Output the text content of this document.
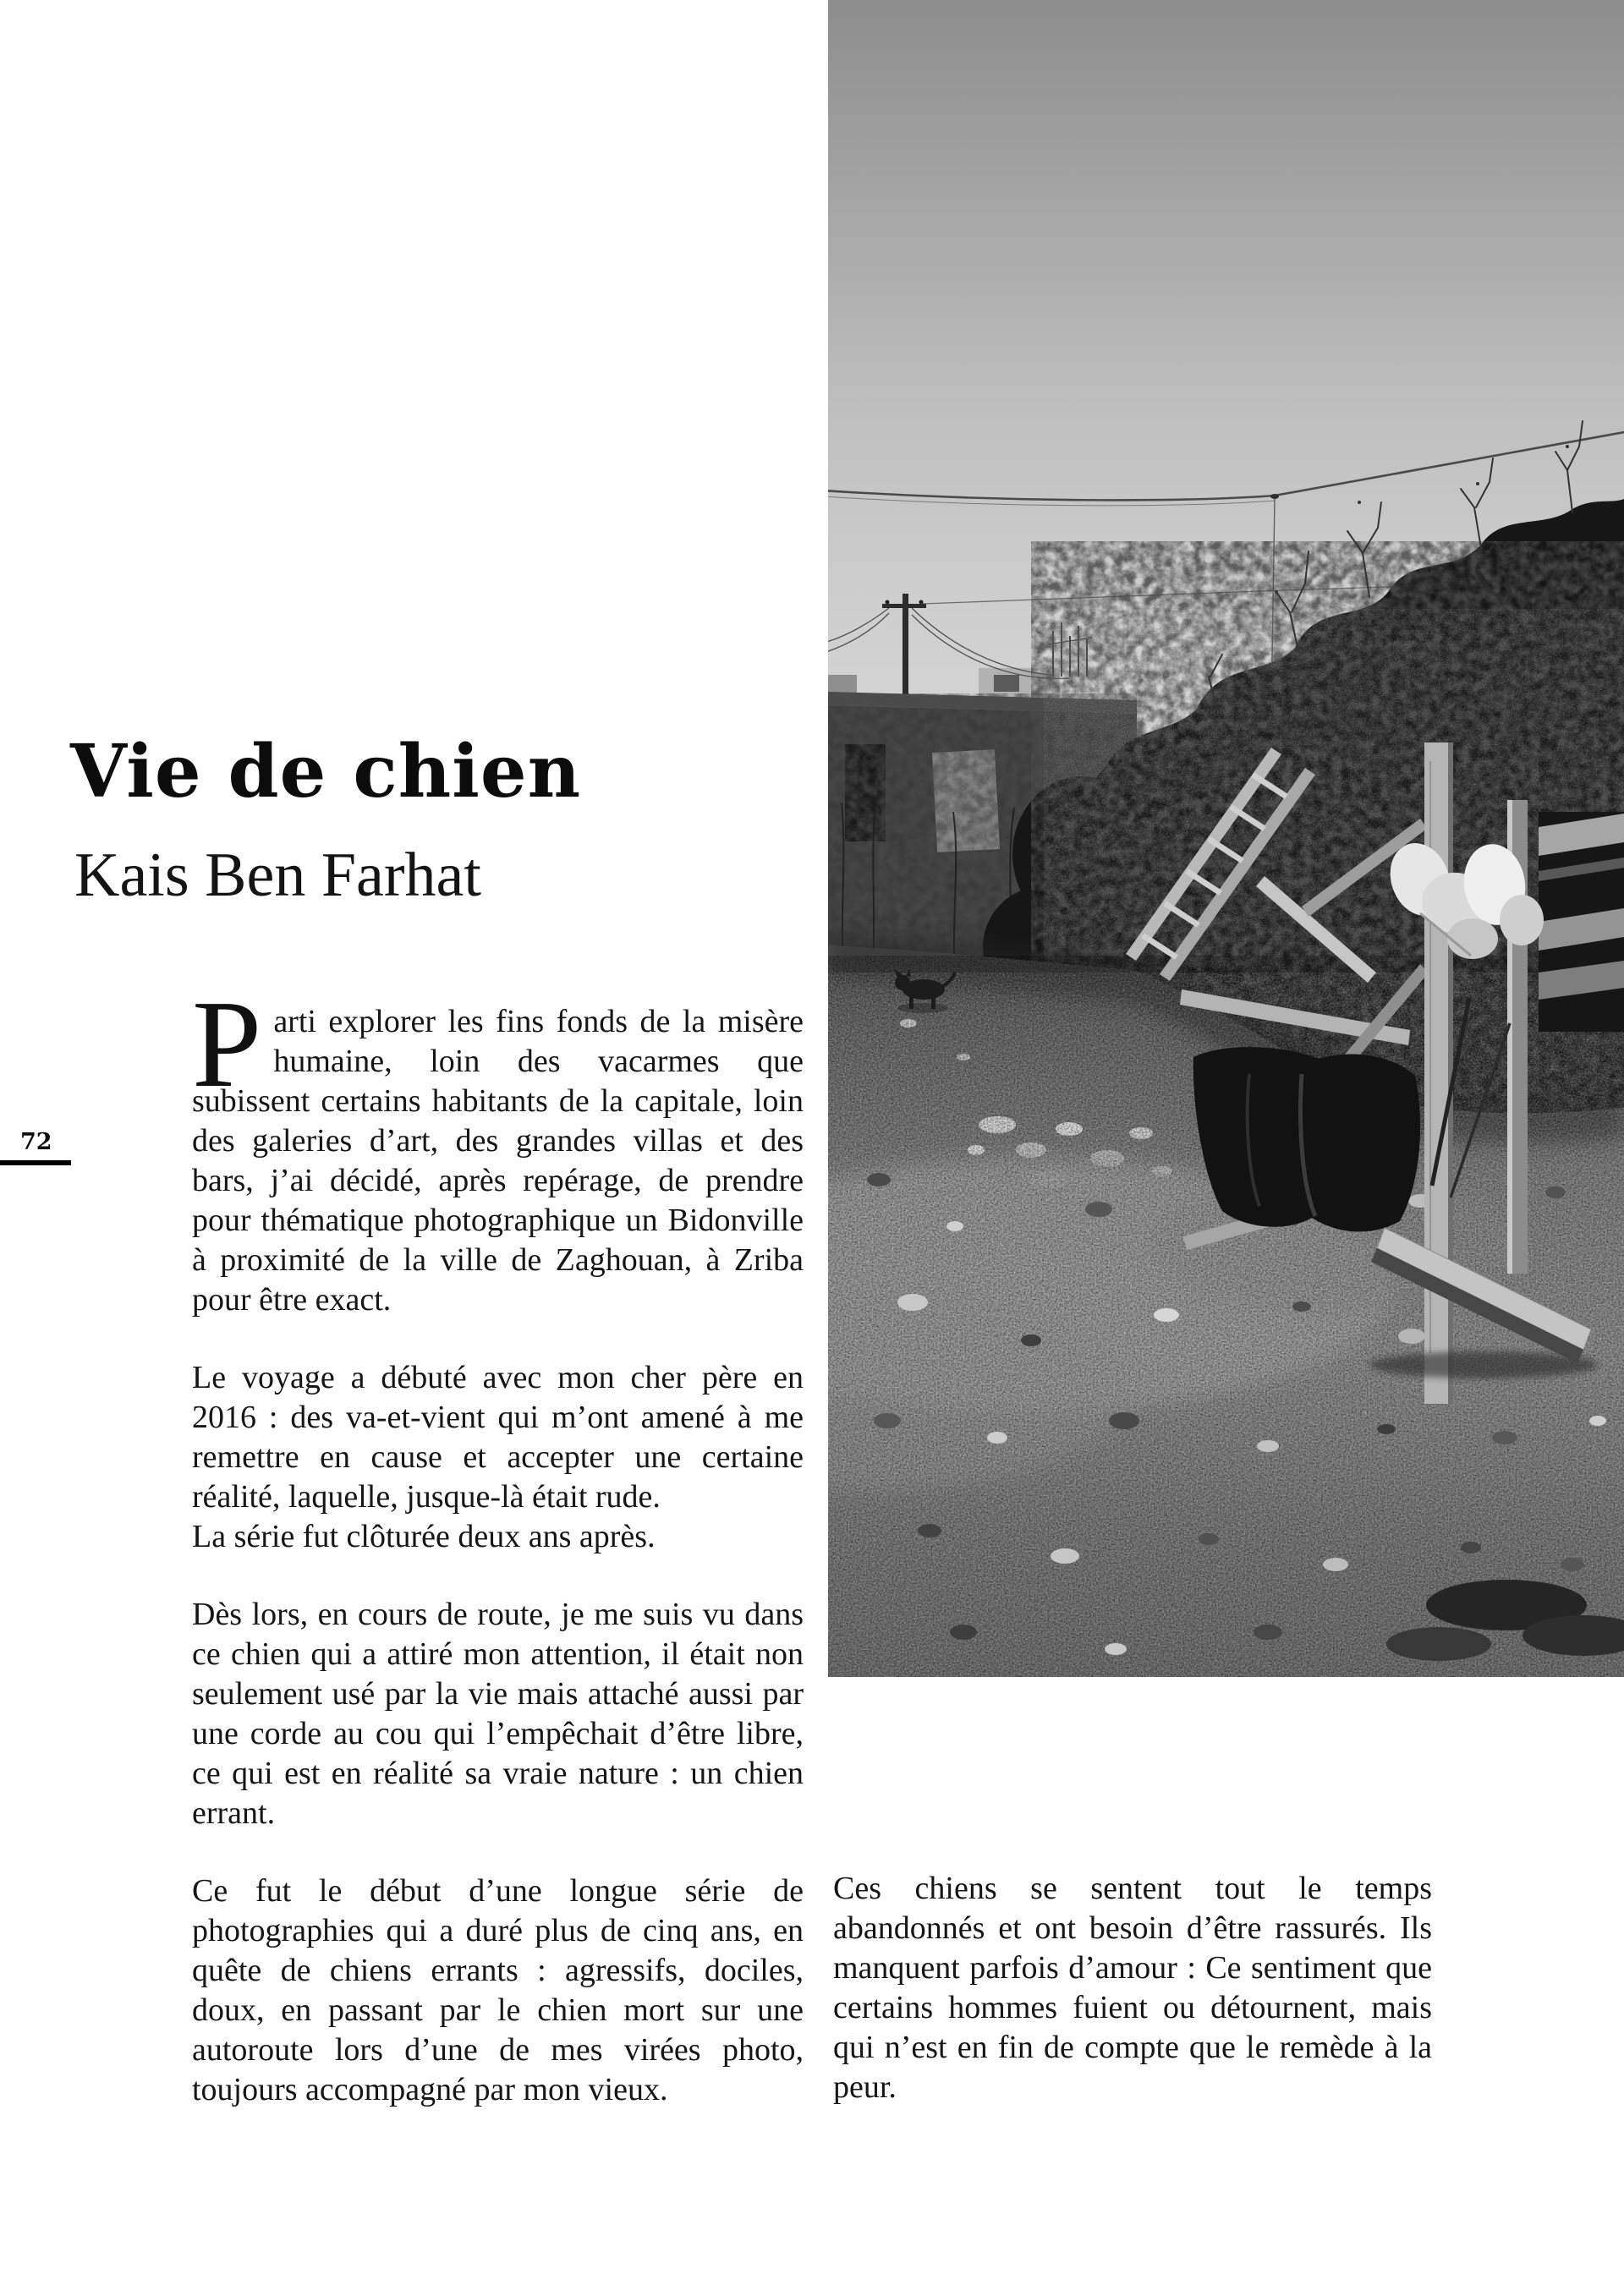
Vie de chien
Kais Ben Farhat
72

Parti explorer les fins fonds de la misère humaine, loin des vacarmes que subissent certains habitants de la capitale, loin des galeries d’art, des grandes villas et des bars, j’ai décidé, après repérage, de prendre pour thématique photographique un Bidonville à proximité de la ville de Zaghouan, à Zriba pour être exact.

Le voyage a débuté avec mon cher père en 2016 : des va-et-vient qui m’ont amené à me remettre en cause et accepter une certaine réalité, laquelle, jusque-là était rude.

La série fut clôturée deux ans après.

Dès lors, en cours de route, je me suis vu dans ce chien qui a attiré mon attention, il était non seulement usé par la vie mais attaché aussi par une corde au cou qui l’empêchait d’être libre, ce qui est en réalité sa vraie nature : un chien errant.

Ce fut le début d’une longue série de photographies qui a duré plus de cinq ans, en quête de chiens errants : agressifs, dociles, doux, en passant par le chien mort sur une autoroute lors d’une de mes virées photo, toujours accompagné par mon vieux.

Ces chiens se sentent tout le temps abandonnés et ont besoin d’être rassurés. Ils manquent parfois d’amour : Ce sentiment que certains hommes fuient ou détournent, mais qui n’est en fin de compte que le remède à la peur.
